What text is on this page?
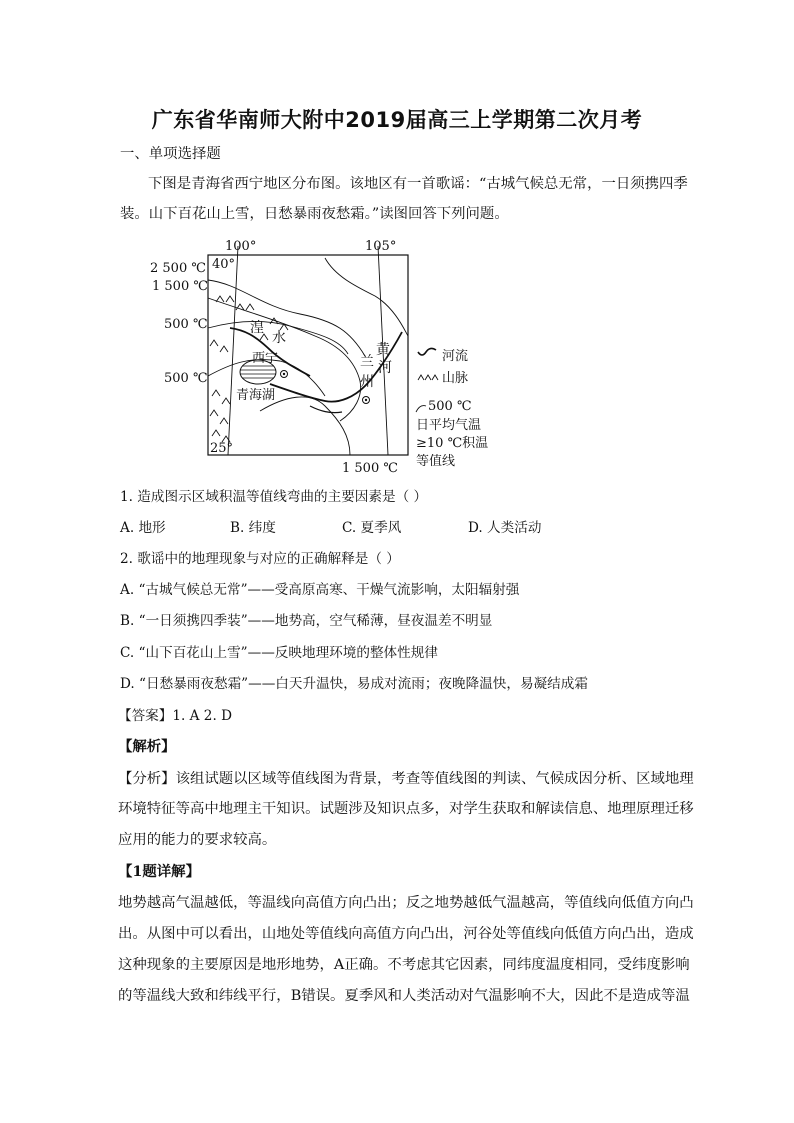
广东省华南师大附中2019届高三上学期第二次月考
一、单项选择题
下图是青海省西宁地区分布图。该地区有一首歌谣：“古城气候总无常，一日须携四季
装。山下百花山上雪，日愁暴雨夜愁霜。”读图回答下列问题。
100°	105°
40°
25°
2 500 ℃
1 500 ℃
500 ℃
500 ℃
1 500 ℃
湟
水
西宁
青海湖
黄
河
兰
州
河流
山脉
500 ℃
日平均气温
≥10 ℃积温
等值线
1. 造成图示区域积温等值线弯曲的主要因素是（ ）
A. 地形	B. 纬度	C. 夏季风	D. 人类活动
2. 歌谣中的地理现象与对应的正确解释是（ ）
A. “古城气候总无常”——受高原高寒、干燥气流影响，太阳辐射强
B. “一日须携四季装”——地势高，空气稀薄，昼夜温差不明显
C. “山下百花山上雪”——反映地理环境的整体性规律
D. “日愁暴雨夜愁霜”——白天升温快，易成对流雨；夜晚降温快，易凝结成霜
【答案】1. A 2. D
【解析】
【分析】该组试题以区域等值线图为背景，考查等值线图的判读、气候成因分析、区域地理
环境特征等高中地理主干知识。试题涉及知识点多，对学生获取和解读信息、地理原理迁移
应用的能力的要求较高。
【1题详解】
地势越高气温越低，等温线向高值方向凸出；反之地势越低气温越高，等值线向低值方向凸
出。从图中可以看出，山地处等值线向高值方向凸出，河谷处等值线向低值方向凸出，造成
这种现象的主要原因是地形地势，A正确。不考虑其它因素，同纬度温度相同，受纬度影响
的等温线大致和纬线平行，B错误。夏季风和人类活动对气温影响不大，因此不是造成等温
